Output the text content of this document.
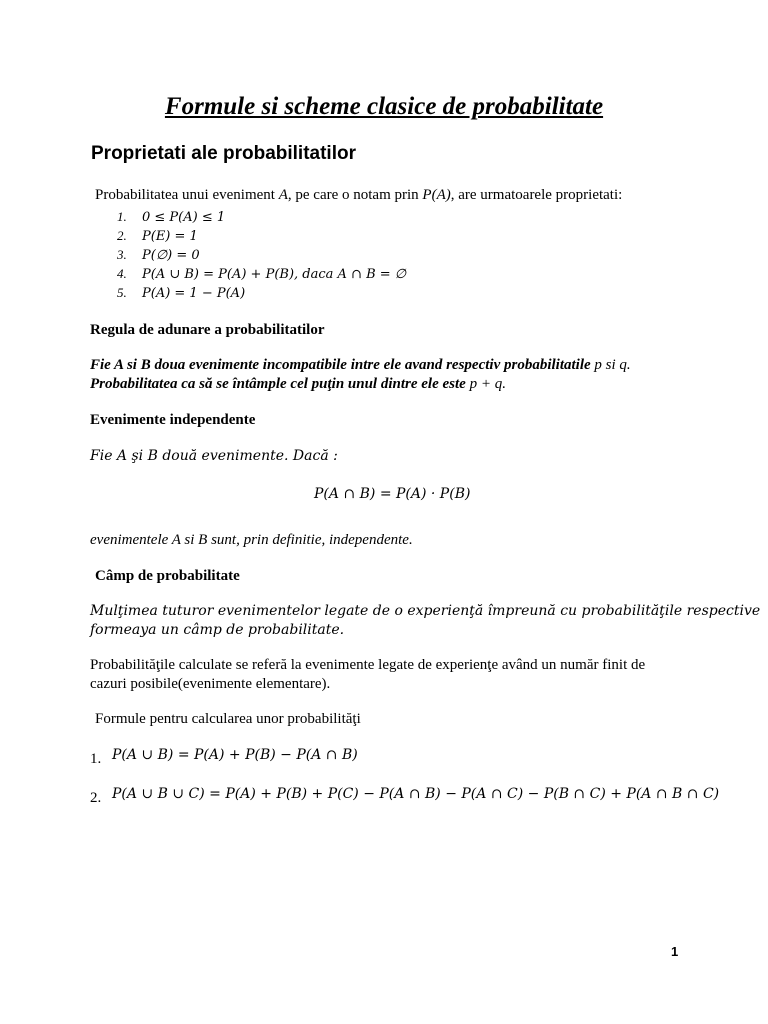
Formule si scheme clasice de probabilitate
Proprietati ale probabilitatilor
Probabilitatea unui eveniment A, pe care o notam prin P(A), are urmatoarele proprietati:
1. 0 ≤ P(A) ≤ 1
2. P(E) = 1
3. P(∅) = 0
4. P(A ∪ B) = P(A) + P(B), daca A ∩ B = ∅
5. P(A) = 1 − P(A)
Regula de adunare a probabilitatilor
Fie A si B doua evenimente incompatibile intre ele avand respectiv probabilitatile p si q.
Probabilitatea ca să se întâmple cel puţin unul dintre ele este p + q.
Evenimente independente
Fie A şi B două evenimente. Dacă :
P(A ∩ B) = P(A) · P(B)
evenimentele A si B sunt, prin definitie, independente.
Câmp de probabilitate
Mulţimea tuturor evenimentelor legate de o experienţă împreună cu probabilităţile respective
formeaya un câmp de probabilitate.
Probabilităţile calculate se referă la evenimente legate de experienţe având un număr finit de
cazuri posibile(evenimente elementare).
Formule pentru calcularea unor probabilităţi
1. P(A ∪ B) = P(A) + P(B) − P(A ∩ B)
2. P(A ∪ B ∪ C) = P(A) + P(B) + P(C) − P(A ∩ B) − P(A ∩ C) − P(B ∩ C) + P(A ∩ B ∩ C)
1
